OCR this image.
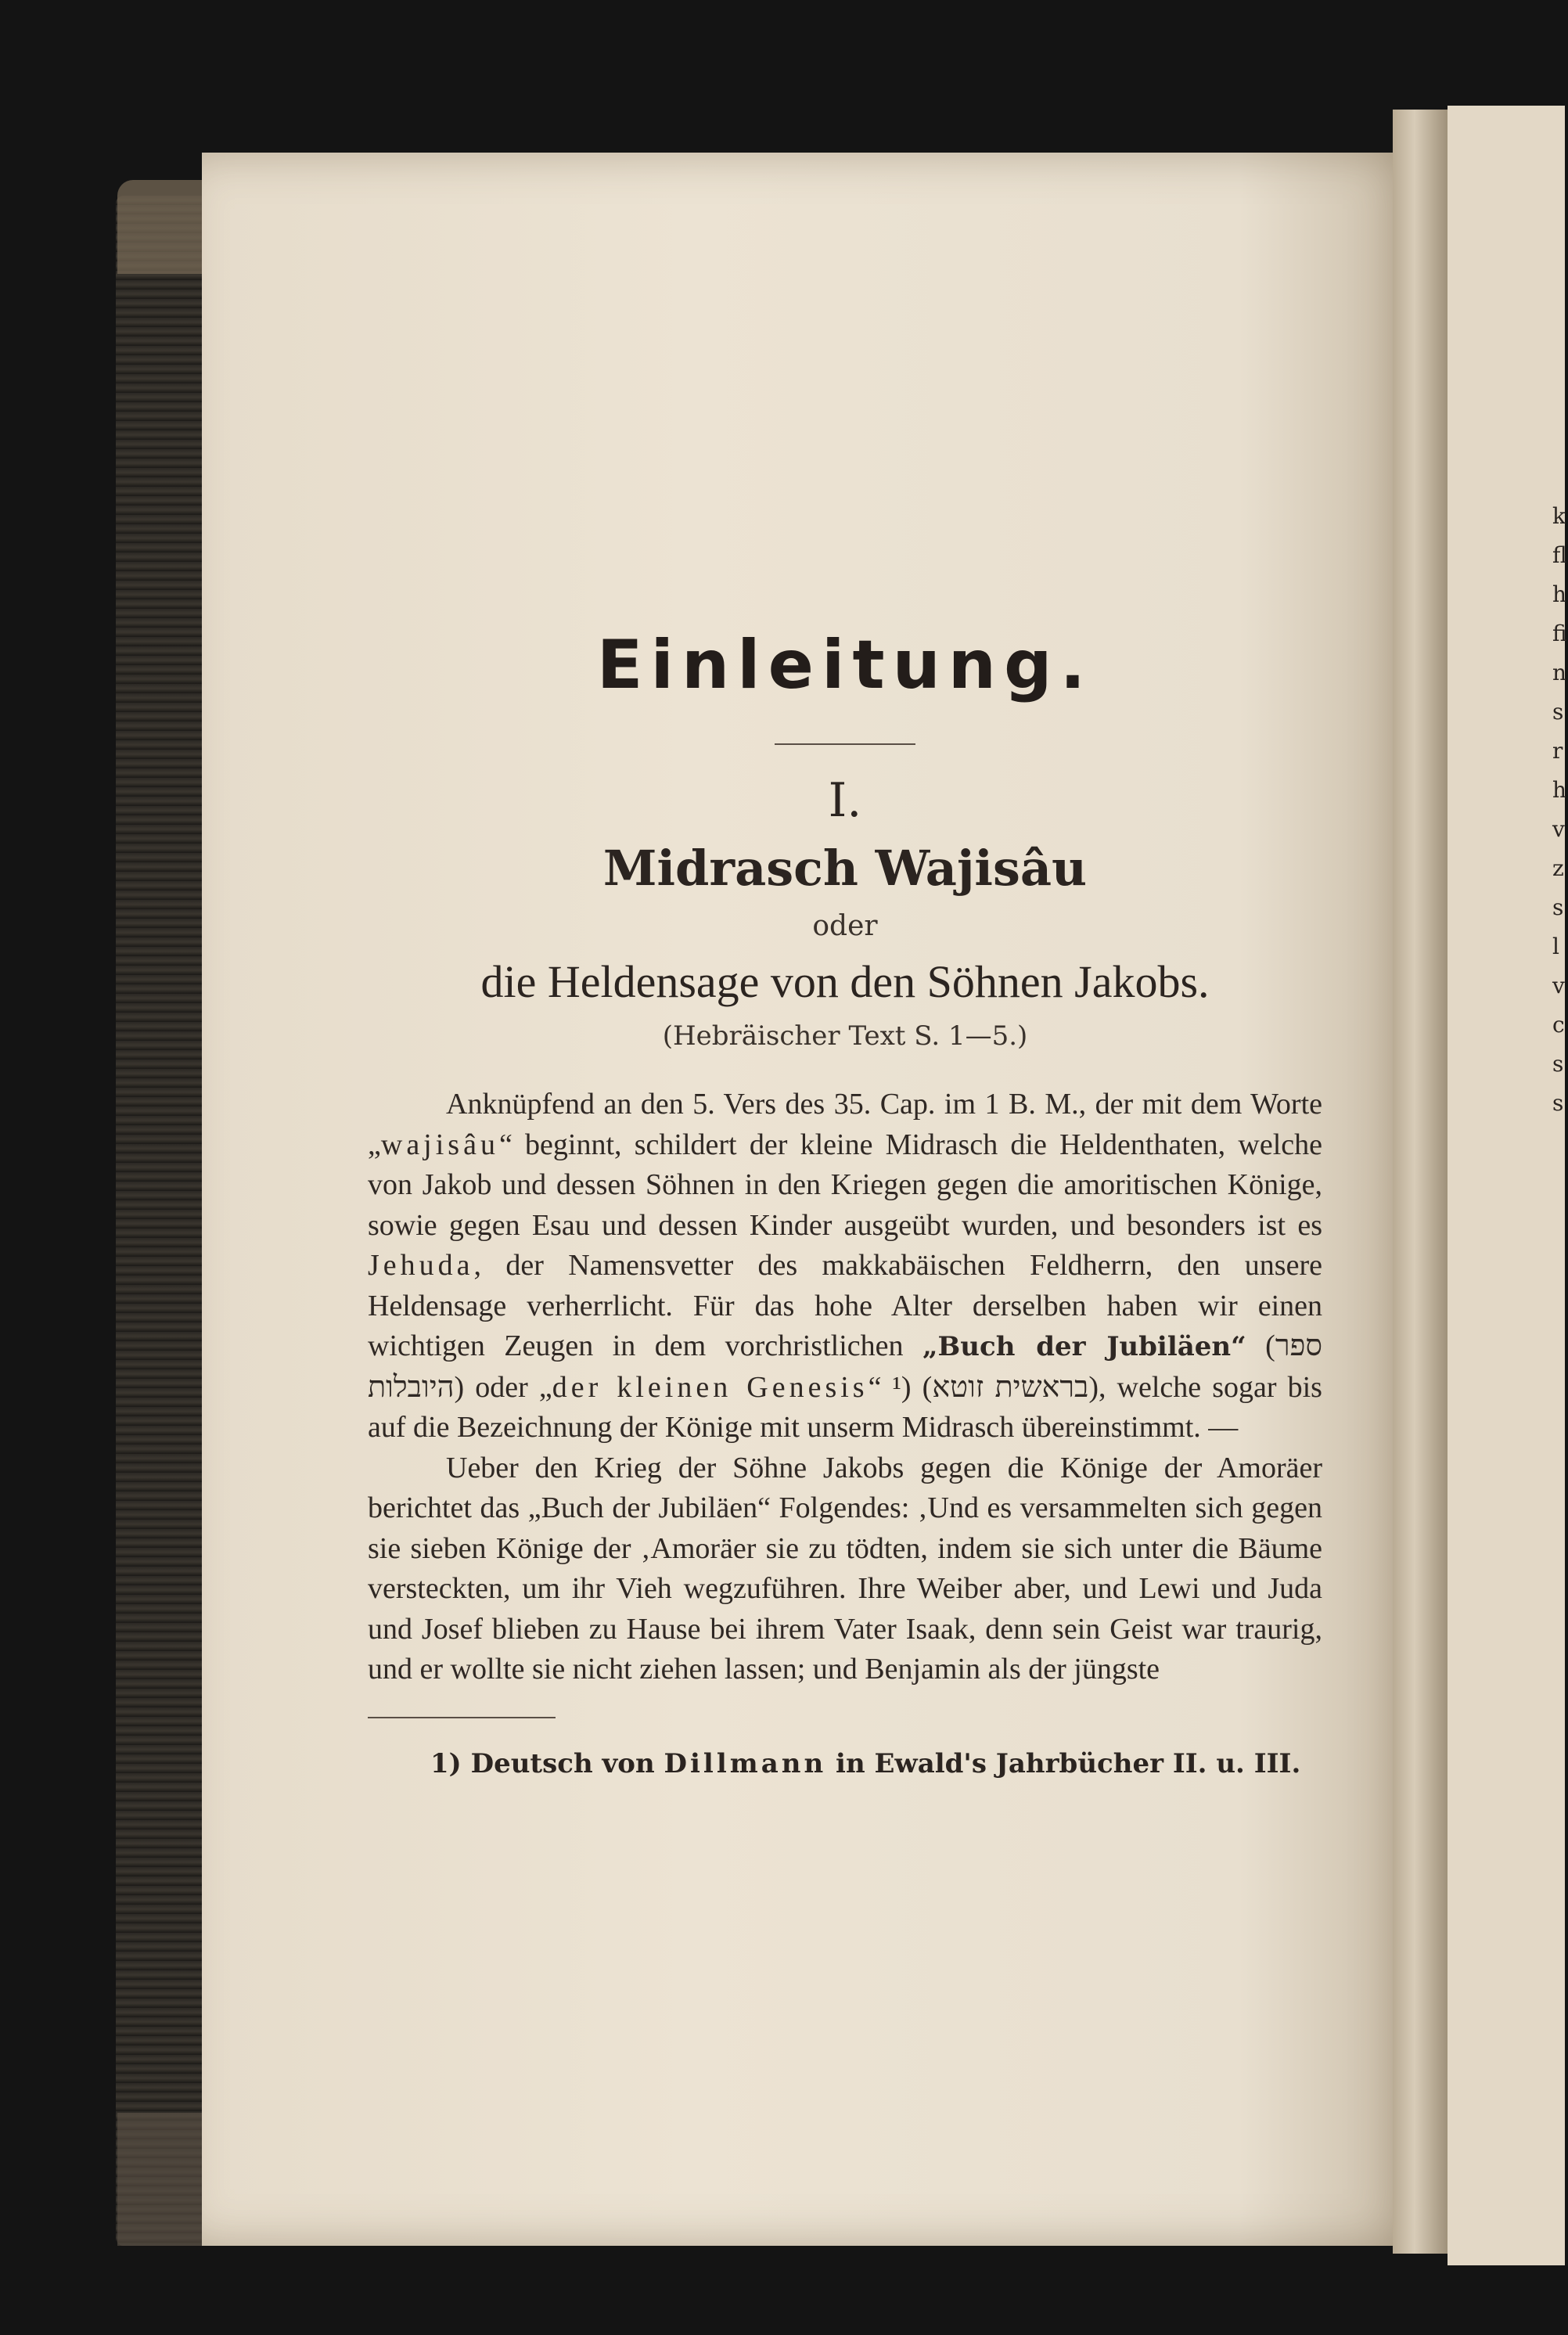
k
fl
h
fi
n
s
r
h
v
z
s
l
v
c
s
s
Einleitung.
I.
Midrasch Wajisâu
oder
die Heldensage von den Söhnen Jakobs.
(Hebräischer Text S. 1—5.)

Anknüpfend an den 5. Vers des 35. Cap. im 1 B. M., der mit dem Worte „wajisâu“ beginnt, schildert der kleine Midrasch die Heldenthaten, welche von Jakob und dessen Söhnen in den Kriegen gegen die amoritischen Könige, sowie gegen Esau und dessen Kinder ausgeübt wurden, und besonders ist es Jehuda, der Namensvetter des makkabäischen Feldherrn, den unsere Heldensage verherrlicht. Für das hohe Alter derselben haben wir einen wichtigen Zeugen in dem vorchristlichen „Buch der Jubiläen“ (ספר היובלות) oder „der kleinen Genesis“ ¹) (בראשית זוטא), welche sogar bis auf die Bezeichnung der Könige mit unserm Midrasch übereinstimmt. —

Ueber den Krieg der Söhne Jakobs gegen die Könige der Amoräer berichtet das „Buch der Jubiläen“ Folgendes: ‚Und es versammelten sich gegen sie sieben Könige der ‚Amoräer sie zu tödten, indem sie sich unter die Bäume versteckten, um ihr Vieh wegzuführen. Ihre Weiber aber, und Lewi und Juda und Josef blieben zu Hause bei ihrem Vater Isaak, denn sein Geist war traurig, und er wollte sie nicht ziehen lassen; und Benjamin als der jüngste

1) Deutsch von Dillmann in Ewald's Jahrbücher II. u. III.
